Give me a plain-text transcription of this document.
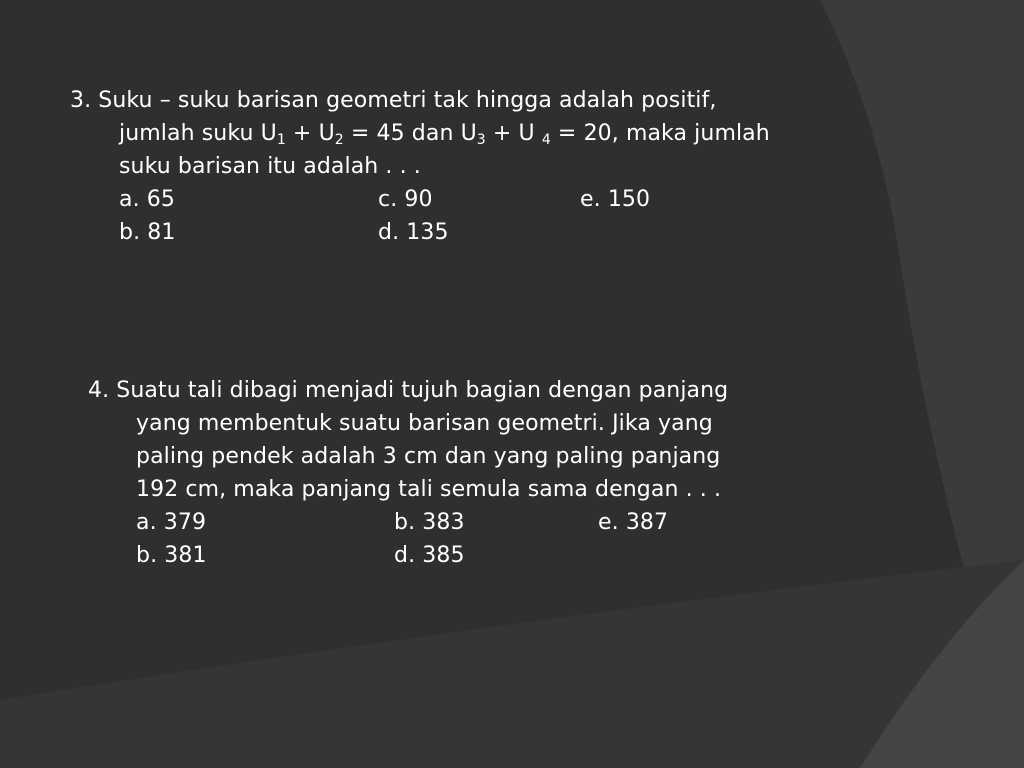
3. Suku – suku barisan geometri tak hingga adalah positif,
jumlah suku $U_1 + U_2 = 45$ dan $U_3 + U$ $_4$ = 20, maka jumlah
suku barisan itu adalah . . .
a. 65	c. 90	e. 150
b. 81	d. 135
4. Suatu tali dibagi menjadi tujuh bagian dengan panjang
yang membentuk suatu barisan geometri. Jika yang
paling pendek adalah 3 cm dan yang paling panjang
192 cm, maka panjang tali semula sama dengan . . .
a. 379	b. 383	e. 387
b. 381	d. 385
